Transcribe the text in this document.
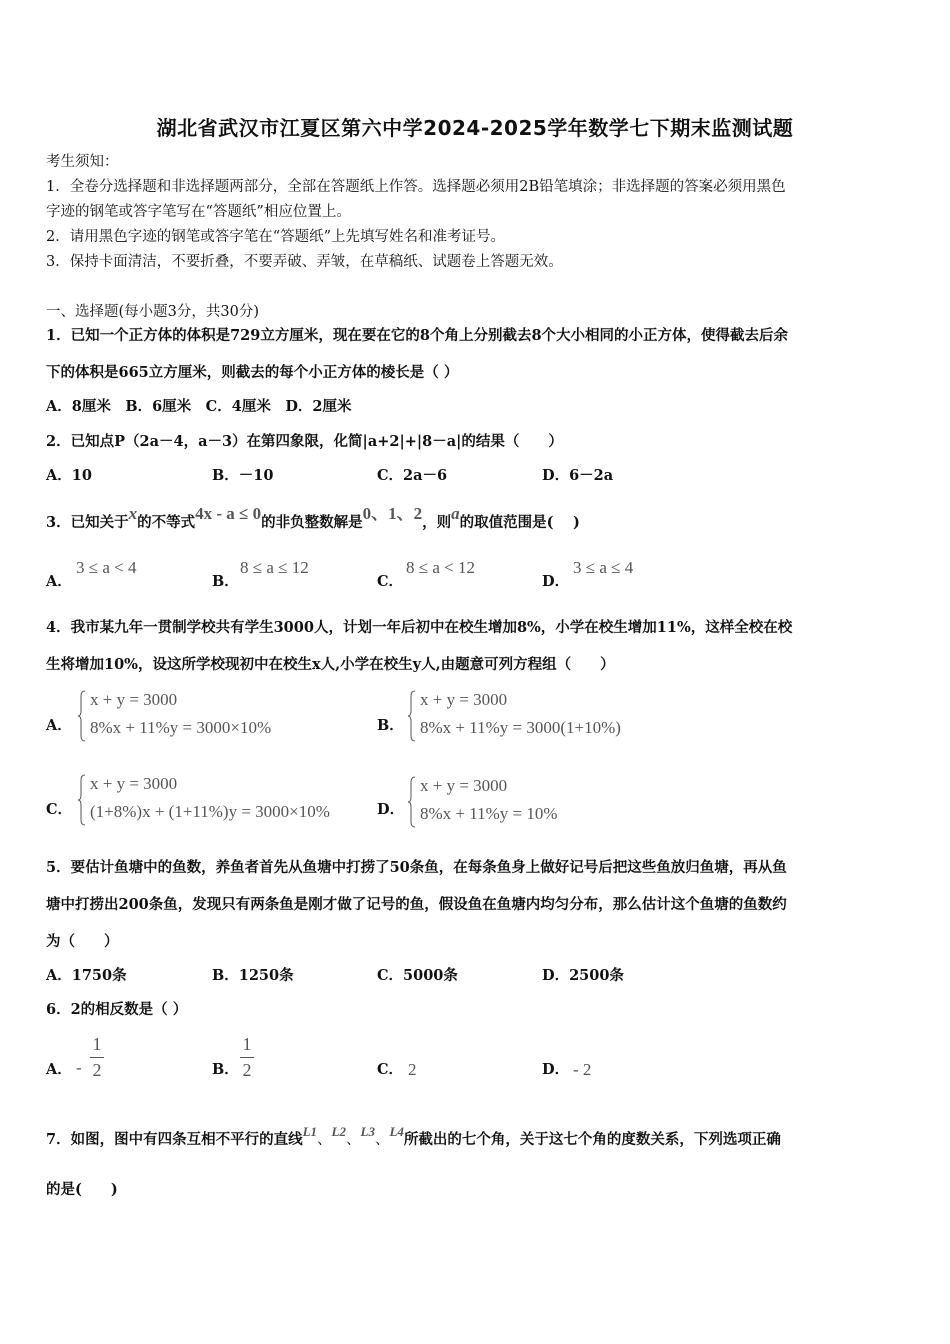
湖北省武汉市江夏区第六中学2024-2025学年数学七下期末监测试题
考生须知：
1．全卷分选择题和非选择题两部分，全部在答题纸上作答。选择题必须用2B铅笔填涂；非选择题的答案必须用黑色
字迹的钢笔或答字笔写在“答题纸”相应位置上。
2．请用黑色字迹的钢笔或答字笔在“答题纸”上先填写姓名和准考证号。
3．保持卡面清洁，不要折叠，不要弄破、弄皱，在草稿纸、试题卷上答题无效。
一、选择题(每小题3分，共30分)
1．已知一个正方体的体积是729立方厘米，现在要在它的8个角上分别截去8个大小相同的小正方体，使得截去后余
下的体积是665立方厘米，则截去的每个小正方体的棱长是（ ）
A．8厘米　B．6厘米　C．4厘米　D．2厘米
2．已知点P（2a－4，a－3）在第四象限，化简|a+2|+|8－a|的结果（　　）
A．10	B．－10	C．2a－6	D．6－2a
3．已知关于x的不等式4x - a ≤ 0的非负整数解是0、1、2，则a的取值范围是(　 )
A．
3 ≤ a < 4
B．
8 ≤ a ≤ 12
C．
8 ≤ a < 12
D．
3 ≤ a ≤ 4
4．我市某九年一贯制学校共有学生3000人，计划一年后初中在校生增加8%，小学在校生增加11%，这样全校在校
生将增加10%，设这所学校现初中在校生x人,小学在校生y人,由题意可列方程组（　　）
A．
x + y = 3000
8%x + 11%y = 3000×10%	B．
x + y = 3000
8%x + 11%y = 3000(1+10%)
C．
x + y = 3000
(1+8%)x + (1+11%)y = 3000×10%	D．
x + y = 3000
8%x + 11%y = 10%
5．要估计鱼塘中的鱼数，养鱼者首先从鱼塘中打捞了50条鱼，在每条鱼身上做好记号后把这些鱼放归鱼塘，再从鱼
塘中打捞出200条鱼，发现只有两条鱼是刚才做了记号的鱼，假设鱼在鱼塘内均匀分布，那么估计这个鱼塘的鱼数约
为（　　）
A．1750条	B．1250条	C．5000条	D．2500条
6．2的相反数是（ ）
A． -
1
2	B．
1
2	C． 2	D． - 2
7．如图，图中有四条互相不平行的直线L1、L2、L3、L4所截出的七个角，关于这七个角的度数关系，下列选项正确
的是(　　)
